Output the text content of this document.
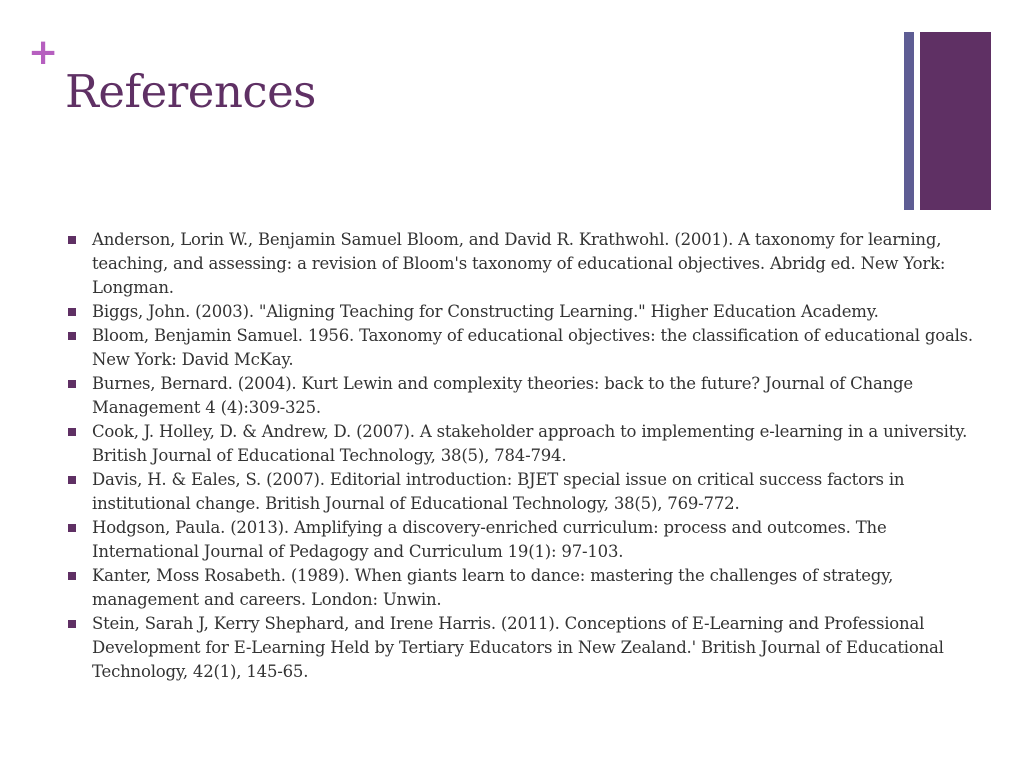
+
References
Anderson, Lorin W., Benjamin Samuel Bloom, and David R. Krathwohl. (2001). A taxonomy for learning, teaching, and assessing: a revision of Bloom's taxonomy of educational objectives. Abridg ed. New York: Longman.
Biggs, John. (2003). "Aligning Teaching for Constructing Learning." Higher Education Academy.
Bloom, Benjamin Samuel. 1956. Taxonomy of educational objectives: the classification of educational goals. New York: David McKay.
Burnes, Bernard. (2004). Kurt Lewin and complexity theories: back to the future? Journal of Change Management 4 (4):309-325.
Cook, J. Holley, D. & Andrew, D. (2007). A stakeholder approach to implementing e-learning in a university. British Journal of Educational Technology, 38(5), 784-794.
Davis, H. & Eales, S. (2007). Editorial introduction: BJET special issue on critical success factors in institutional change. British Journal of Educational Technology, 38(5), 769-772.
Hodgson, Paula. (2013). Amplifying a discovery-enriched curriculum: process and outcomes. The International Journal of Pedagogy and Curriculum 19(1): 97-103.
Kanter, Moss Rosabeth. (1989). When giants learn to dance: mastering the challenges of strategy, management and careers. London: Unwin.
Stein, Sarah J, Kerry Shephard, and Irene Harris. (2011). Conceptions of E-Learning and Professional Development for E-Learning Held by Tertiary Educators in New Zealand.' British Journal of Educational Technology, 42(1), 145-65.
